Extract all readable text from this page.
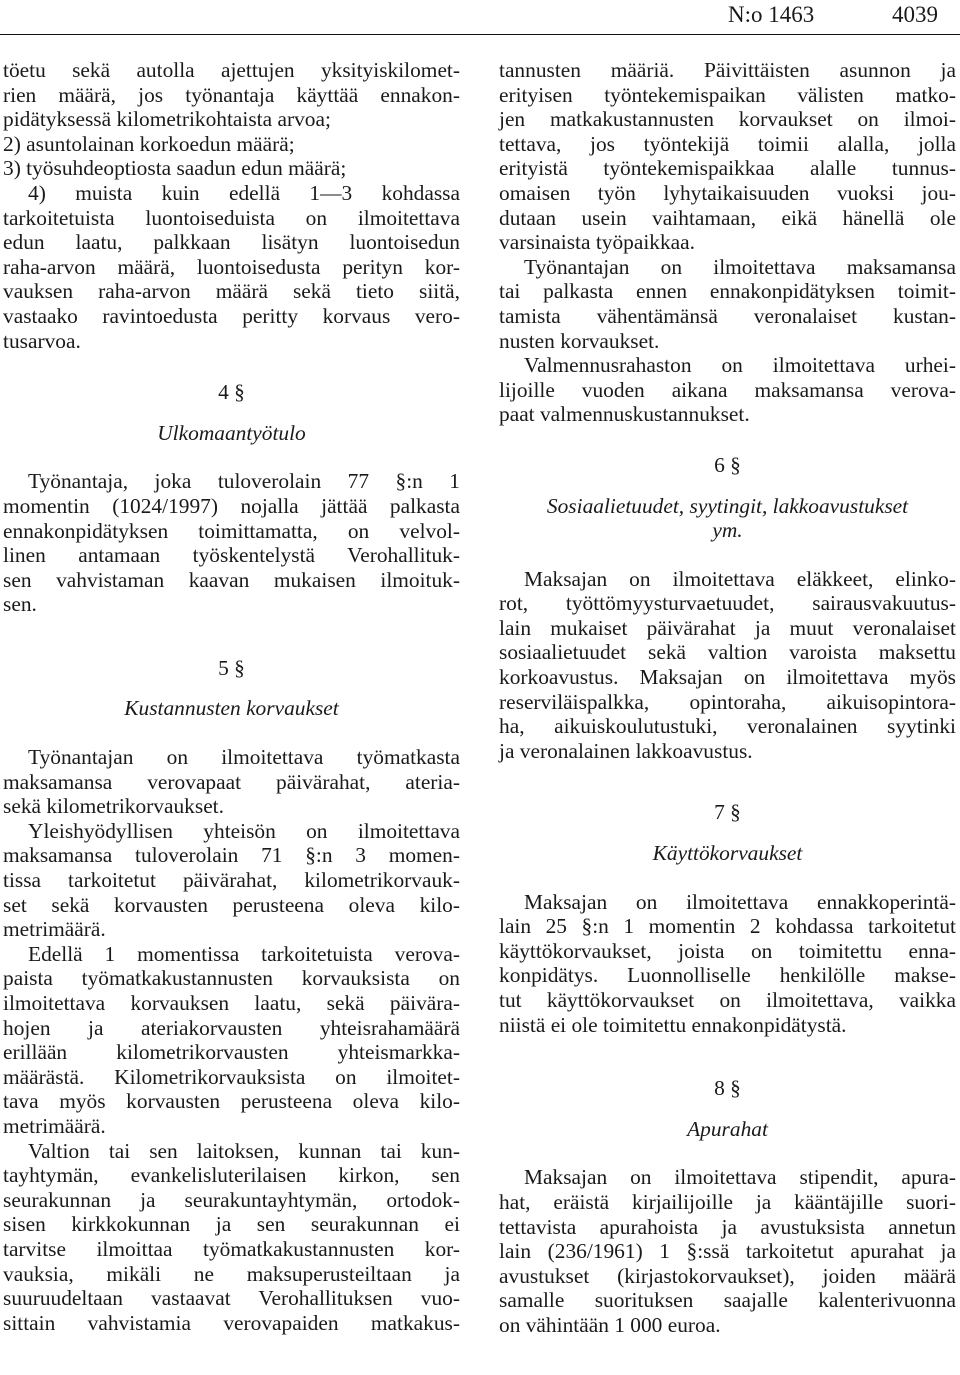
N:o 1463	4039
töetu sekä autolla ajettujen yksityiskilomet-
rien määrä, jos työnantaja käyttää ennakon-
pidätyksessä kilometrikohtaista arvoa;
2) asuntolainan korkoedun määrä;
3) työsuhdeoptiosta saadun edun määrä;
4) muista kuin edellä 1—3 kohdassa
tarkoitetuista luontoiseduista on ilmoitettava
edun laatu, palkkaan lisätyn luontoisedun
raha-arvon määrä, luontoisedusta perityn kor-
vauksen raha-arvon määrä sekä tieto siitä,
vastaako ravintoedusta peritty korvaus vero-
tusarvoa.
4 §
Ulkomaantyötulo
Työnantaja, joka tuloverolain 77 §:n 1
momentin (1024/1997) nojalla jättää palkasta
ennakonpidätyksen toimittamatta, on velvol-
linen antamaan työskentelystä Verohallituk-
sen vahvistaman kaavan mukaisen ilmoituk-
sen.
5 §
Kustannusten korvaukset
Työnantajan on ilmoitettava työmatkasta
maksamansa verovapaat päivärahat, ateria-
sekä kilometrikorvaukset.
Yleishyödyllisen yhteisön on ilmoitettava
maksamansa tuloverolain 71 §:n 3 momen-
tissa tarkoitetut päivärahat, kilometrikorvauk-
set sekä korvausten perusteena oleva kilo-
metrimäärä.
Edellä 1 momentissa tarkoitetuista verova-
paista työmatkakustannusten korvauksista on
ilmoitettava korvauksen laatu, sekä päivära-
hojen ja ateriakorvausten yhteisrahamäärä
erillään kilometrikorvausten yhteismarkka-
määrästä. Kilometrikorvauksista on ilmoitet-
tava myös korvausten perusteena oleva kilo-
metrimäärä.
Valtion tai sen laitoksen, kunnan tai kun-
tayhtymän, evankelisluterilaisen kirkon, sen
seurakunnan ja seurakuntayhtymän, ortodok-
sisen kirkkokunnan ja sen seurakunnan ei
tarvitse ilmoittaa työmatkakustannusten kor-
vauksia, mikäli ne maksuperusteiltaan ja
suuruudeltaan vastaavat Verohallituksen vuo-
sittain vahvistamia verovapaiden matkakus-
tannusten määriä. Päivittäisten asunnon ja
erityisen työntekemispaikan välisten matko-
jen matkakustannusten korvaukset on ilmoi-
tettava, jos työntekijä toimii alalla, jolla
erityistä työntekemispaikkaa alalle tunnus-
omaisen työn lyhytaikaisuuden vuoksi jou-
dutaan usein vaihtamaan, eikä hänellä ole
varsinaista työpaikkaa.
Työnantajan on ilmoitettava maksamansa
tai palkasta ennen ennakonpidätyksen toimit-
tamista vähentämänsä veronalaiset kustan-
nusten korvaukset.
Valmennusrahaston on ilmoitettava urhei-
lijoille vuoden aikana maksamansa verova-
paat valmennuskustannukset.
6 §
Sosiaalietuudet, syytingit, lakkoavustukset
ym.
Maksajan on ilmoitettava eläkkeet, elinko-
rot, työttömyysturvaetuudet, sairausvakuutus-
lain mukaiset päivärahat ja muut veronalaiset
sosiaalietuudet sekä valtion varoista maksettu
korkoavustus. Maksajan on ilmoitettava myös
reserviläispalkka, opintoraha, aikuisopintora-
ha, aikuiskoulutustuki, veronalainen syytinki
ja veronalainen lakkoavustus.
7 §
Käyttökorvaukset
Maksajan on ilmoitettava ennakkoperintä-
lain 25 §:n 1 momentin 2 kohdassa tarkoitetut
käyttökorvaukset, joista on toimitettu enna-
konpidätys. Luonnolliselle henkilölle makse-
tut käyttökorvaukset on ilmoitettava, vaikka
niistä ei ole toimitettu ennakonpidätystä.
8 §
Apurahat
Maksajan on ilmoitettava stipendit, apura-
hat, eräistä kirjailijoille ja kääntäjille suori-
tettavista apurahoista ja avustuksista annetun
lain (236/1961) 1 §:ssä tarkoitetut apurahat ja
avustukset (kirjastokorvaukset), joiden määrä
samalle suorituksen saajalle kalenterivuonna
on vähintään 1 000 euroa.
